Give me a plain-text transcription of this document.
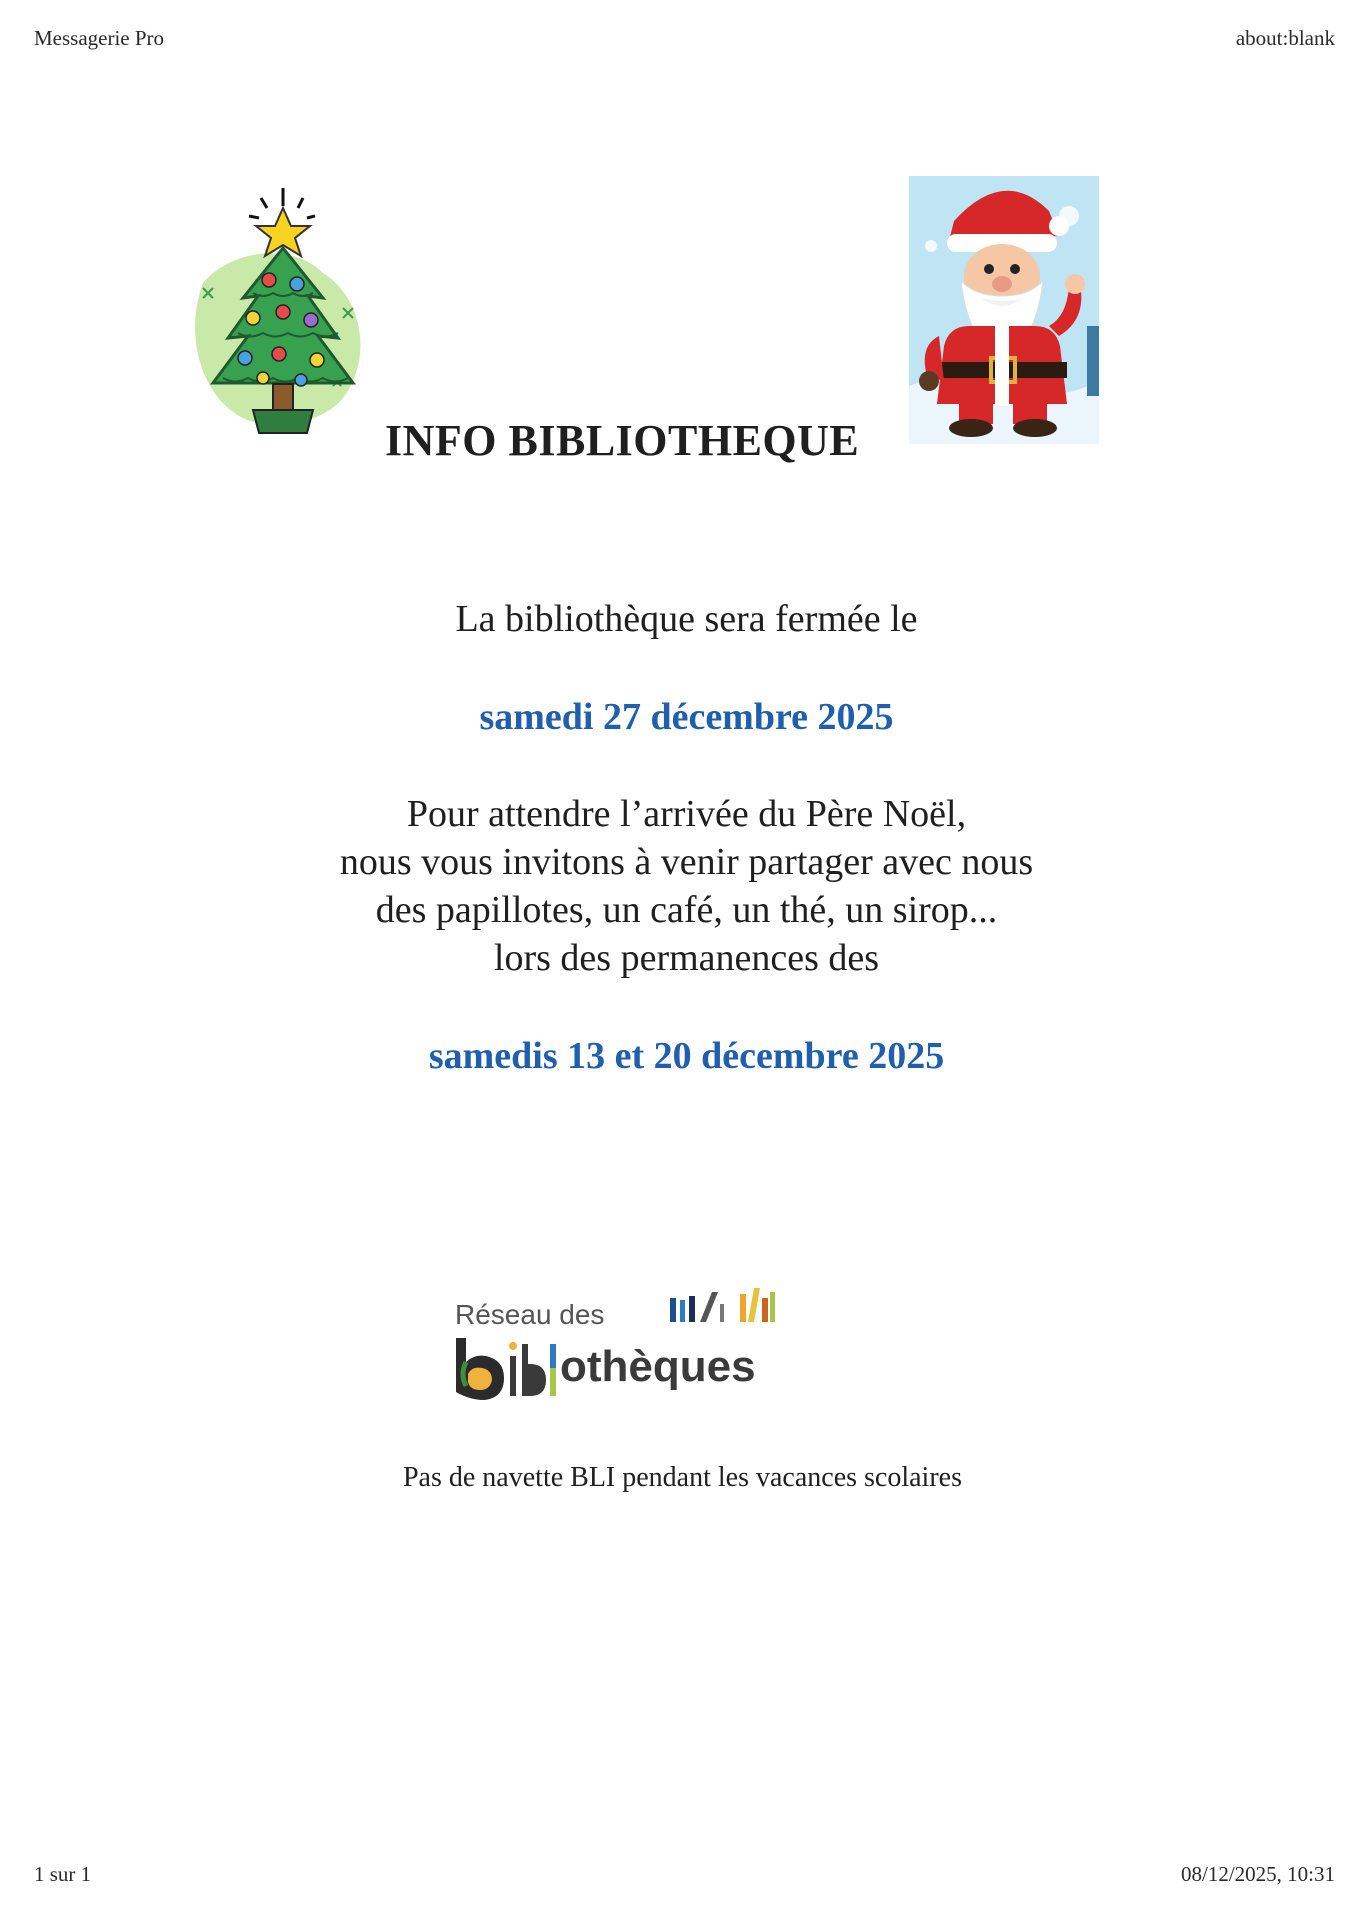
Messagerie Pro	about:blank
INFO BIBLIOTHEQUE
La bibliothèque sera fermée le
samedi 27 décembre 2025
Pour attendre l’arrivée du Père Noël,
nous vous invitons à venir partager avec nous
des papillotes, un café, un thé, un sirop...
lors des permanences des
samedis 13 et 20 décembre 2025
Réseau des
othèques
Pas de navette BLI pendant les vacances scolaires
1 sur 1	08/12/2025, 10:31
